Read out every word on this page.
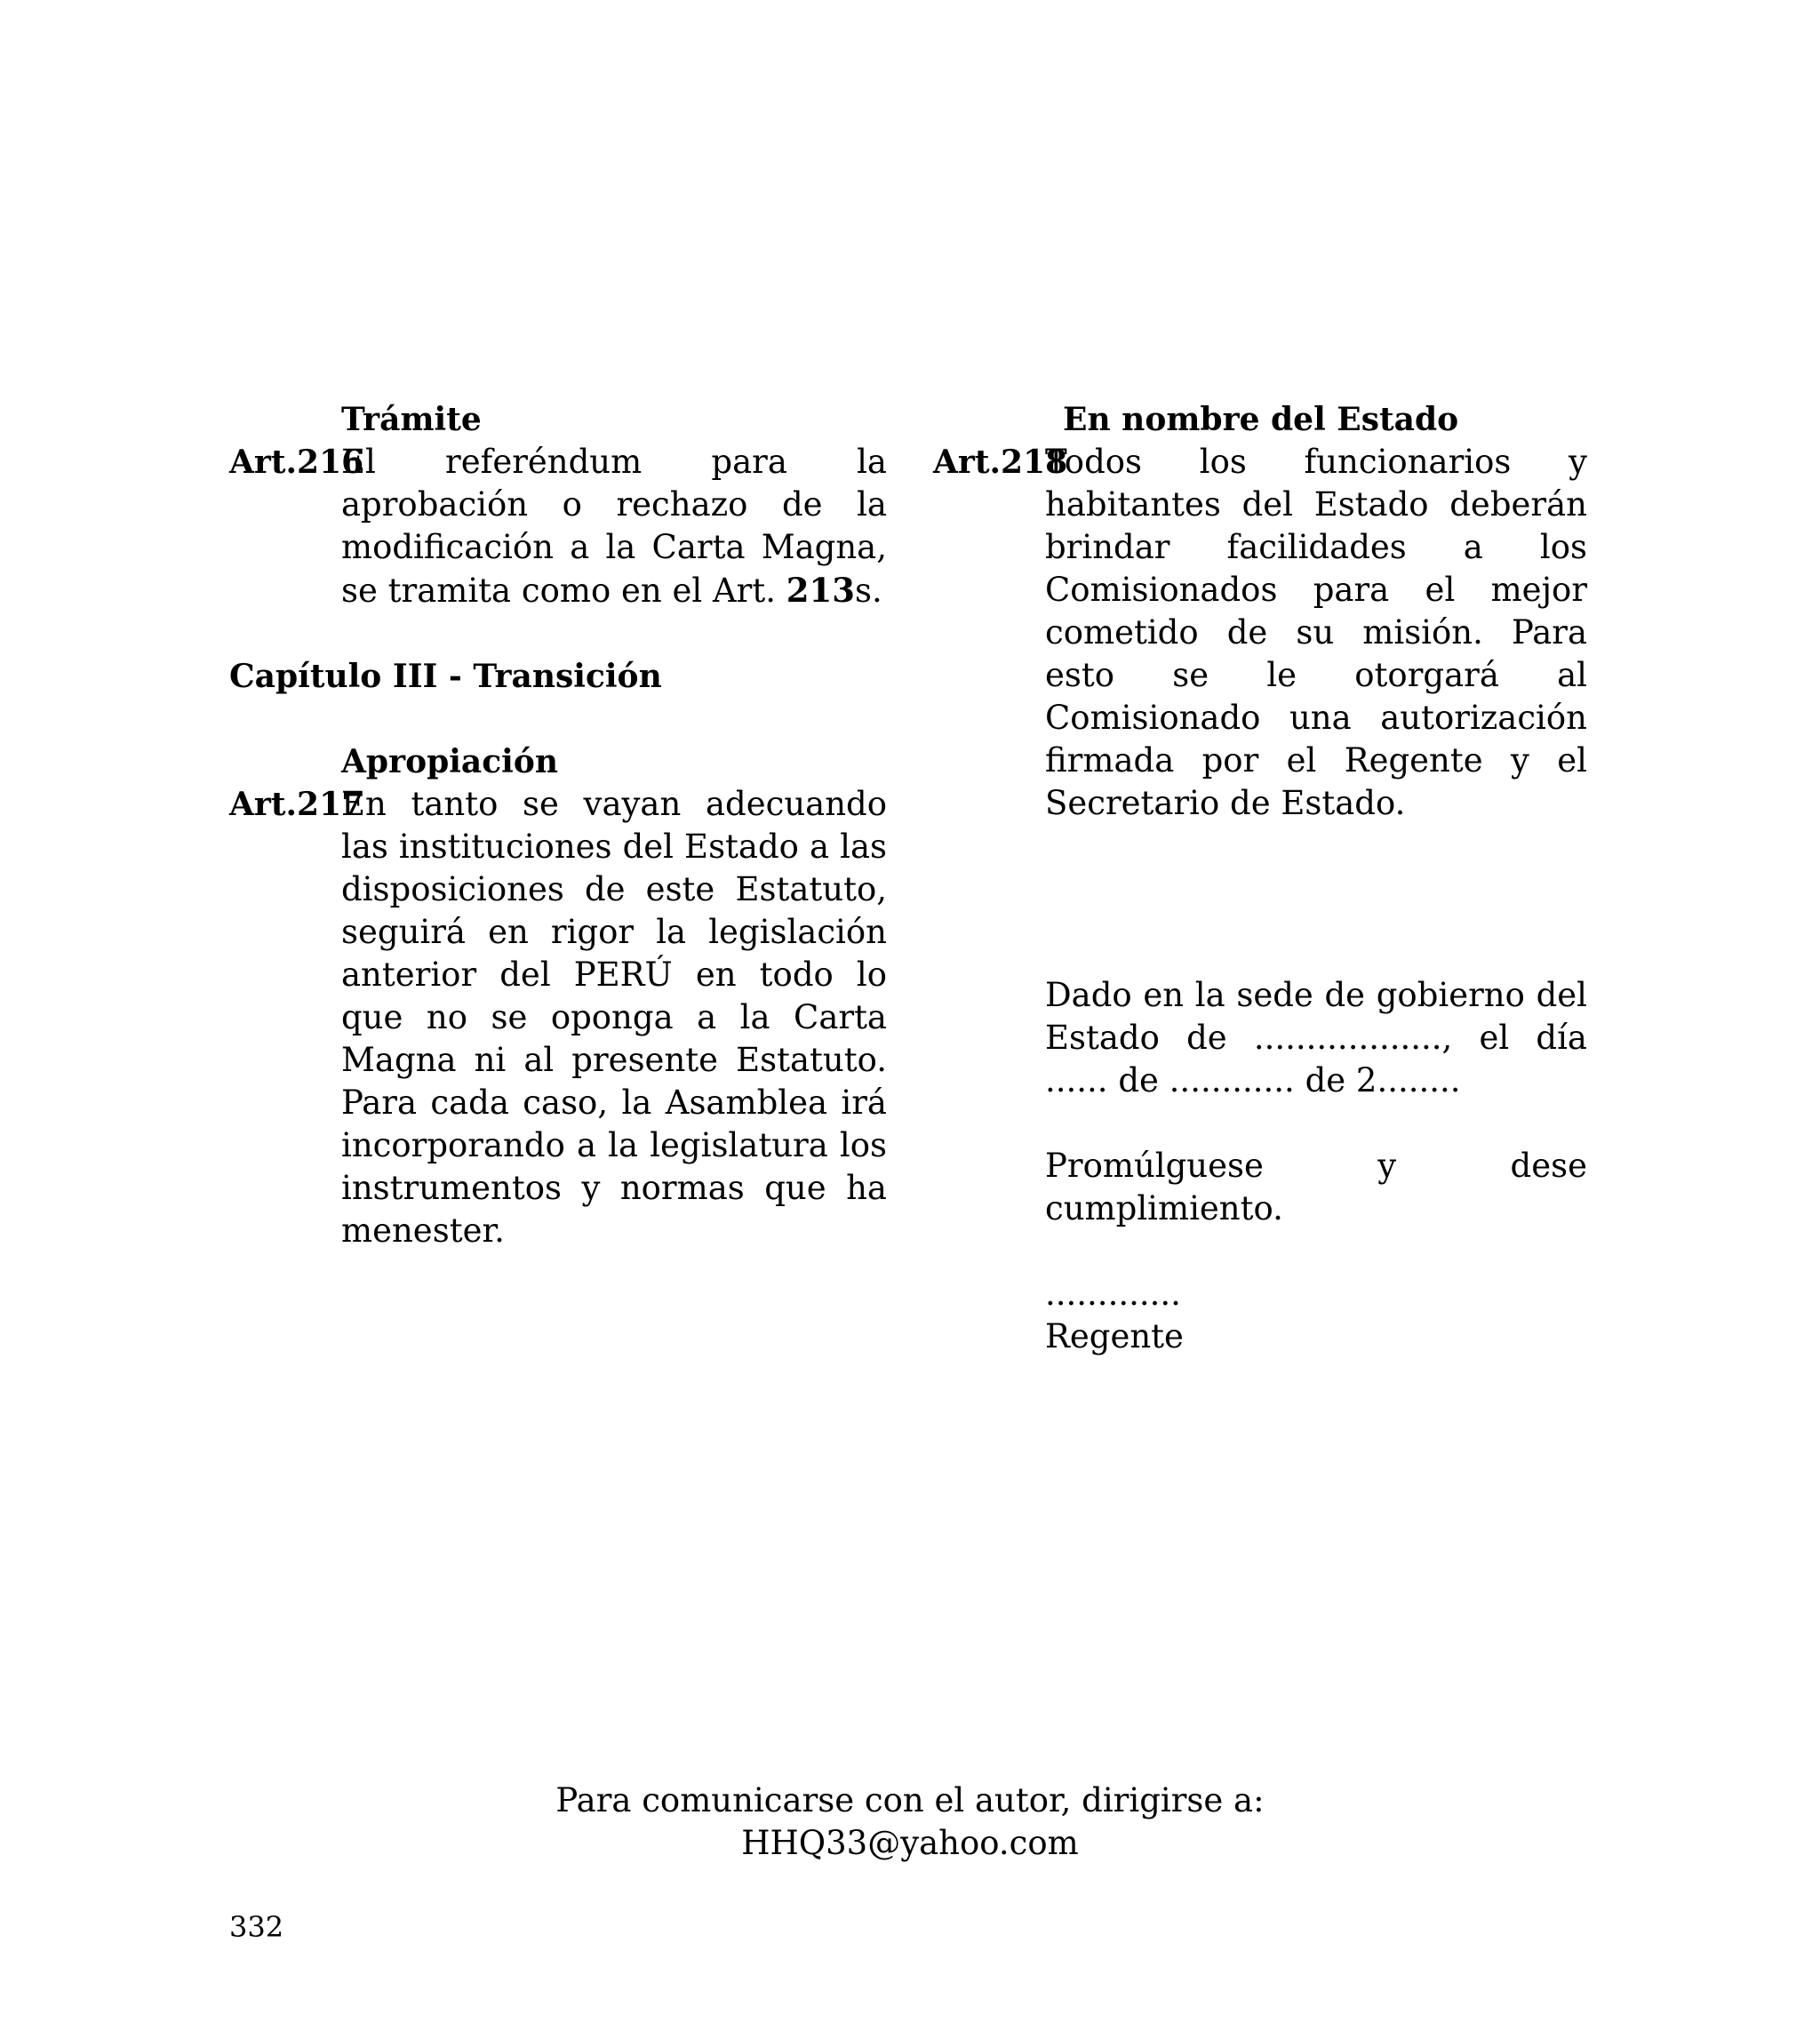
Trámite

Art.216
El referéndum para la aprobación o rechazo de la modificación a la Carta Magna, se tramita como en el Art. 213s.

Capítulo III - Transición

Apropiación

Art.217
En tanto se vayan adecuando las instituciones del Estado a las disposiciones de este Estatuto, seguirá en rigor la legislación anterior del PERÚ en todo lo que no se oponga a la Carta Magna ni al presente Estatuto. Para cada caso, la Asamblea irá incorporando a la legislatura los instrumentos y normas que ha menester.

En nombre del Estado

Art.218
Todos los funcionarios y habitantes del Estado deberán brindar facilidades a los Comisionados para el mejor cometido de su misión. Para esto se le otorgará al Comisionado una autorización firmada por el Regente y el Secretario de Estado.

Dado en la sede de gobierno del Estado de .................., el día ...... de ............ de 2........

Promúlguese y dese cumplimiento.

.............

Regente

Para comunicarse con el autor, dirigirse a:
HHQ33@yahoo.com
332
